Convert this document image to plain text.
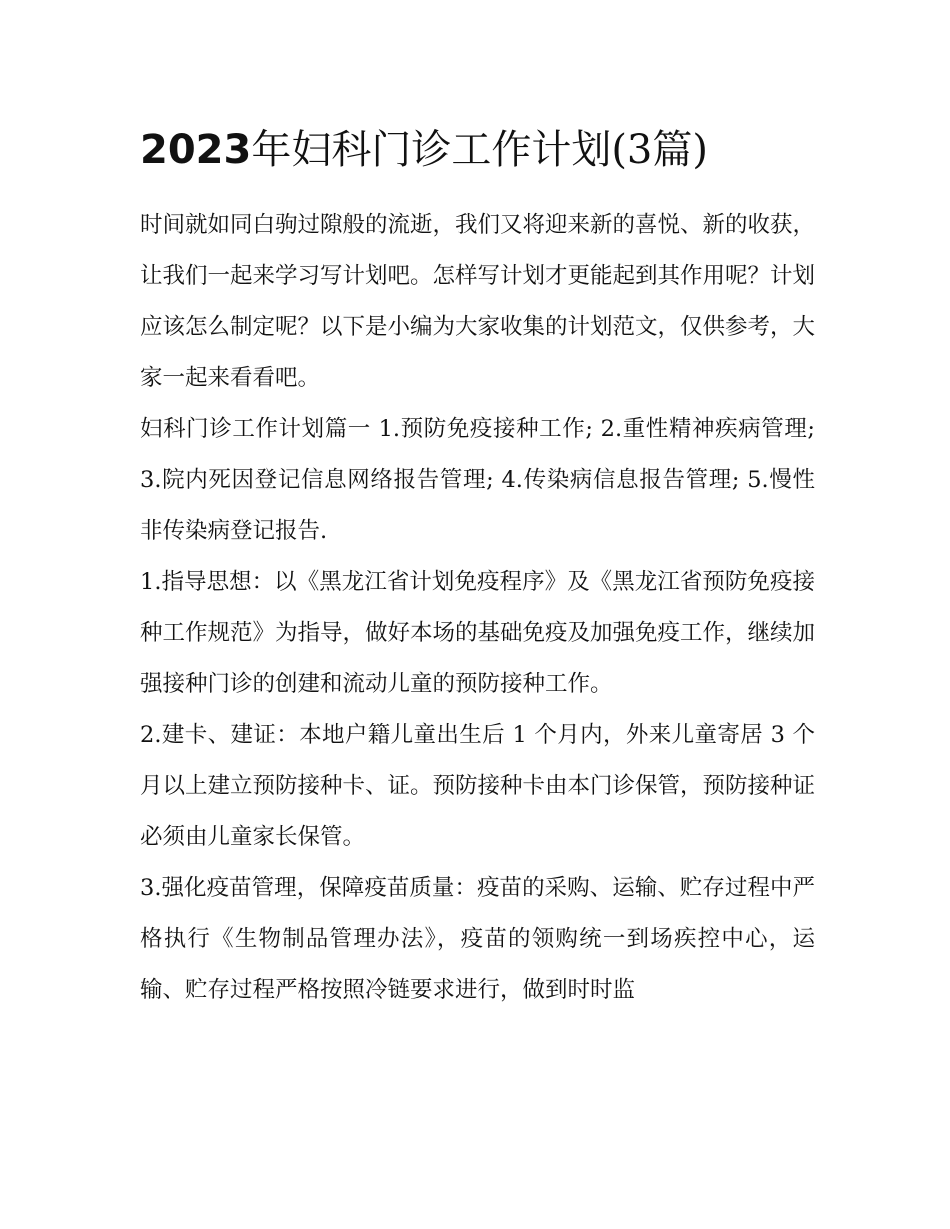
2023年妇科门诊工作计划(3篇)

时间就如同白驹过隙般的流逝，我们又将迎来新的喜悦、新的收获，让我们一起来学习写计划吧。怎样写计划才更能起到其作用呢？计划应该怎么制定呢？以下是小编为大家收集的计划范文，仅供参考，大家一起来看看吧。

妇科门诊工作计划篇一 1.预防免疫接种工作; 2.重性精神疾病管理; 3.院内死因登记信息网络报告管理; 4.传染病信息报告管理; 5.慢性非传染病登记报告.

1.指导思想：以《黑龙江省计划免疫程序》及《黑龙江省预防免疫接种工作规范》为指导，做好本场的基础免疫及加强免疫工作，继续加强接种门诊的创建和流动儿童的预防接种工作。

2.建卡、建证：本地户籍儿童出生后 1 个月内，外来儿童寄居 3 个月以上建立预防接种卡、证。预防接种卡由本门诊保管，预防接种证必须由儿童家长保管。

3.强化疫苗管理，保障疫苗质量：疫苗的采购、运输、贮存过程中严格执行《生物制品管理办法》，疫苗的领购统一到场疾控中心，运输、贮存过程严格按照冷链要求进行，做到时时监
